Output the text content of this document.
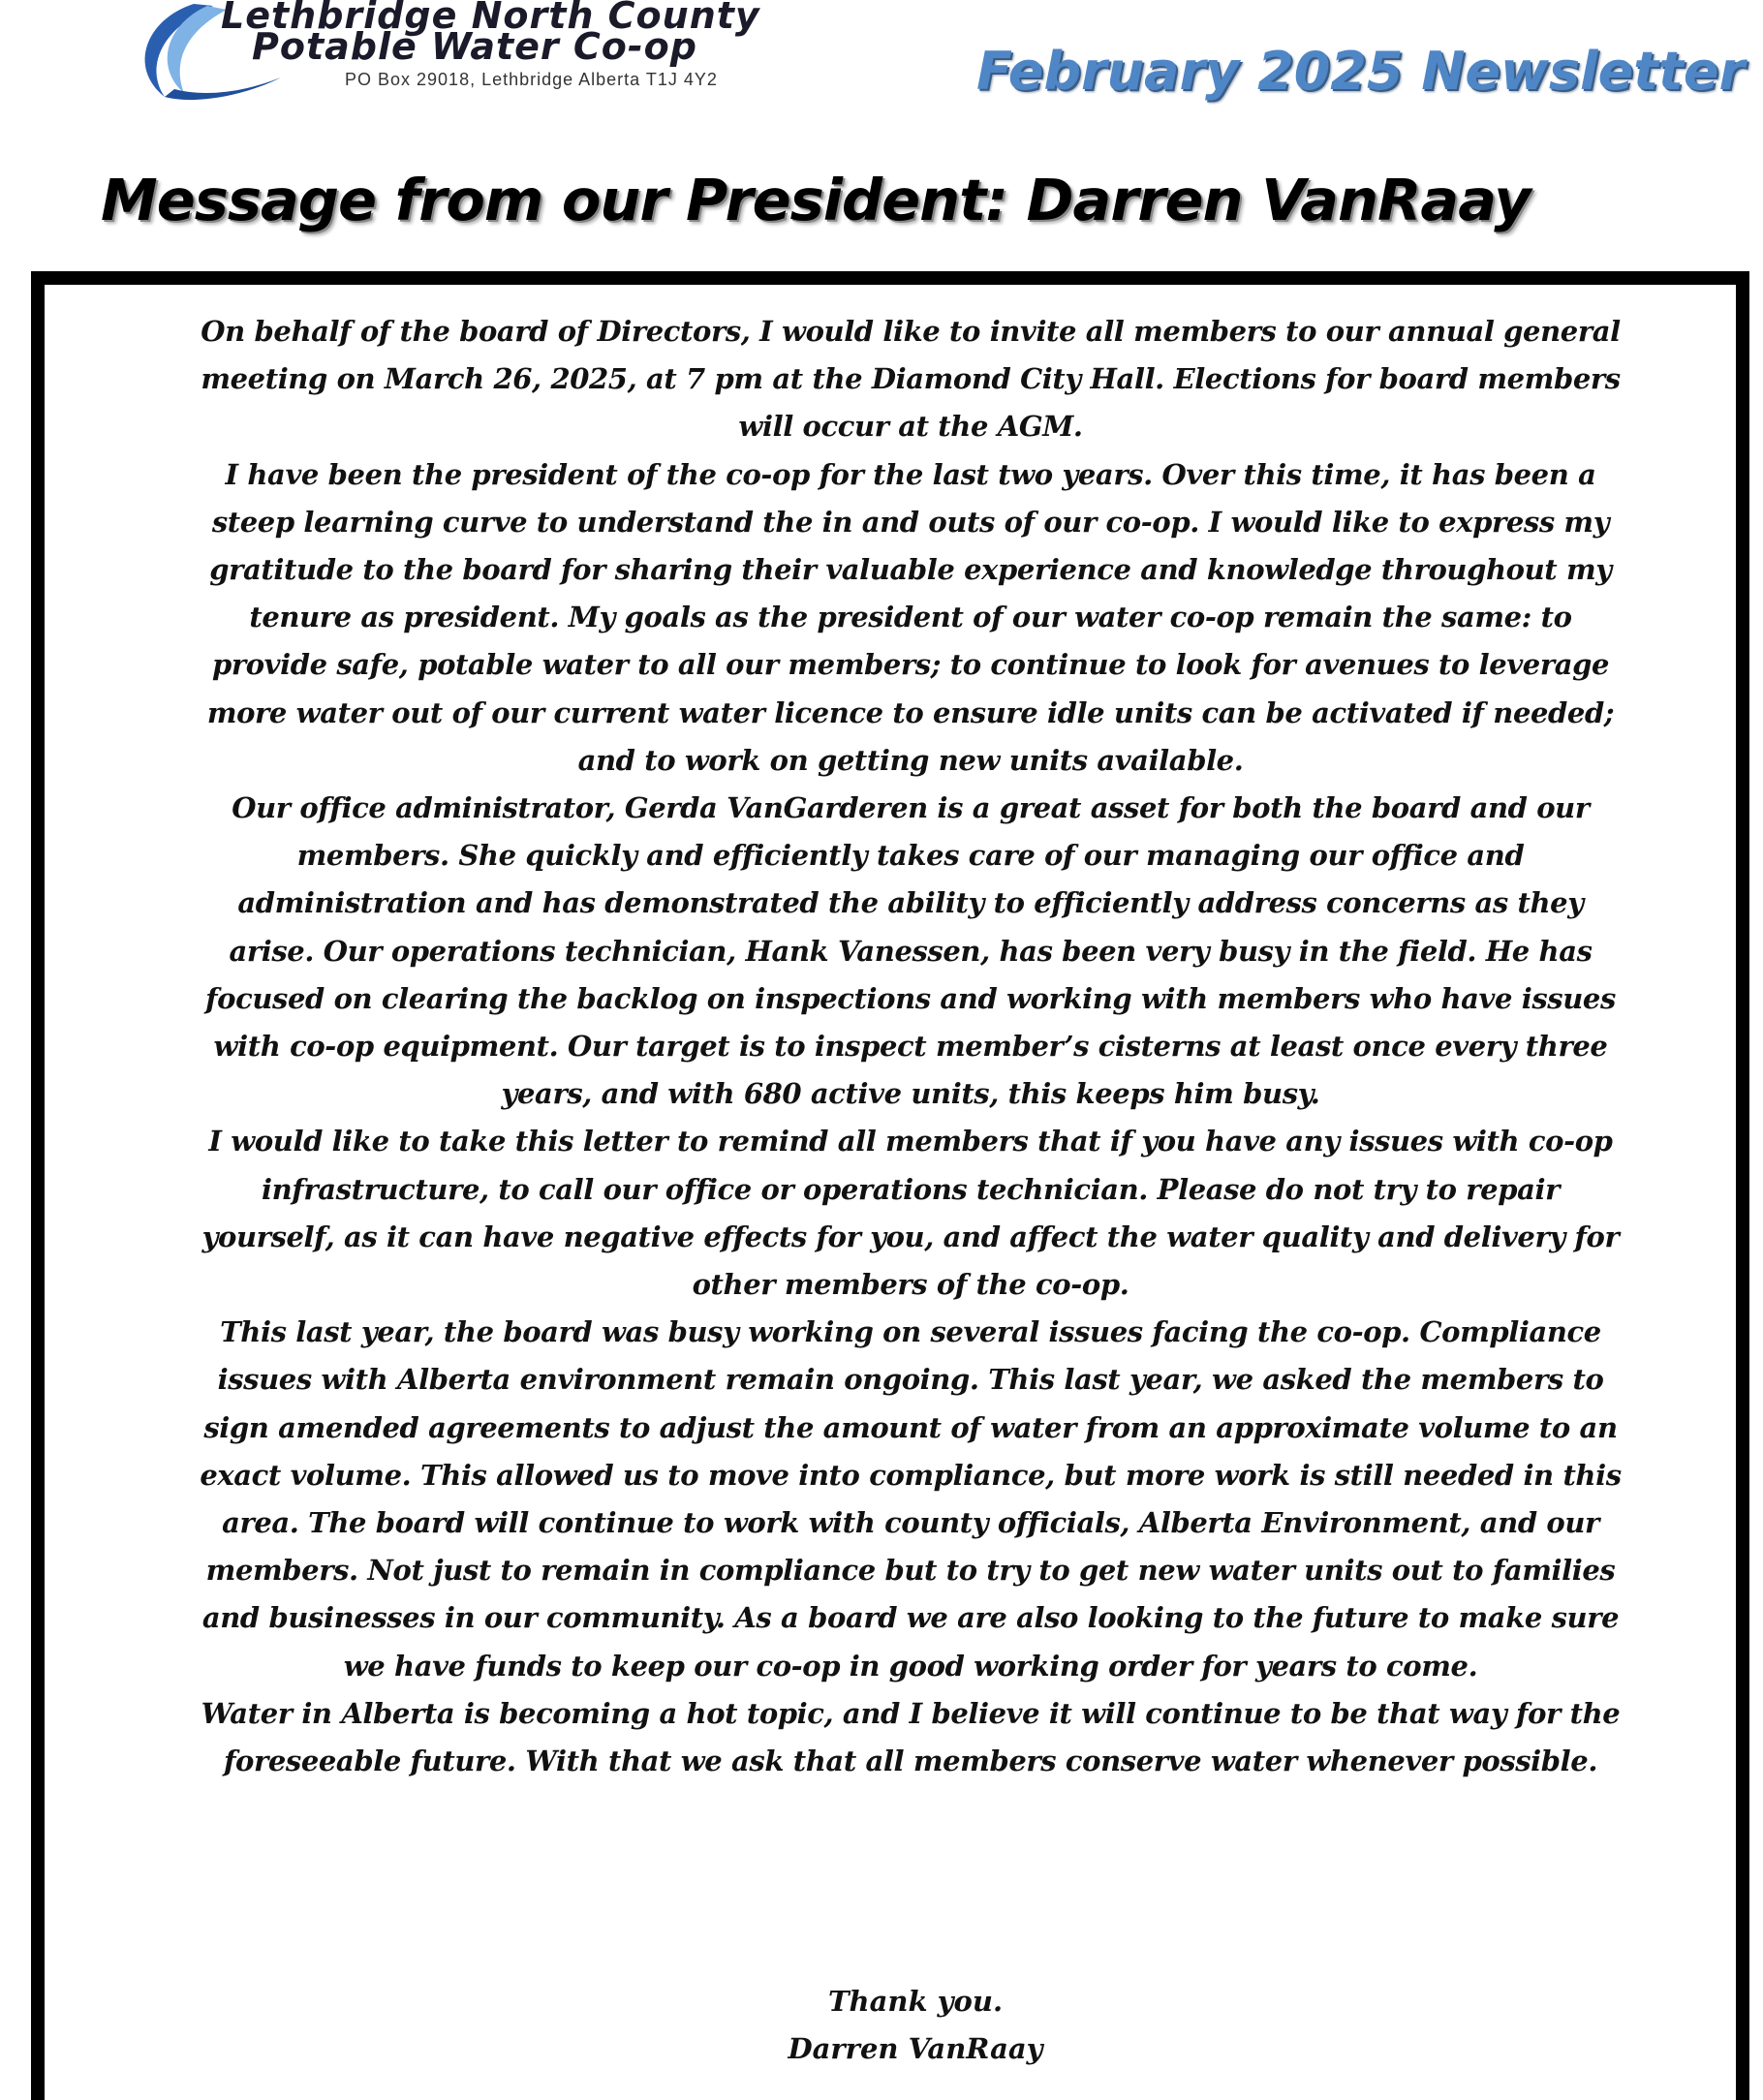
Lethbridge North County
Potable Water Co-op
PO Box 29018, Lethbridge Alberta T1J 4Y2	February 2025 Newsletter
Message from our President: Darren VanRaay

On behalf of the board of Directors, I would like to invite all members to our annual general meeting on March 26, 2025, at 7 pm at the Diamond City Hall. Elections for board members will occur at the AGM.

I have been the president of the co-op for the last two years. Over this time, it has been a steep learning curve to understand the in and outs of our co-op. I would like to express my gratitude to the board for sharing their valuable experience and knowledge throughout my tenure as president. My goals as the president of our water co-op remain the same: to provide safe, potable water to all our members; to continue to look for avenues to leverage more water out of our current water licence to ensure idle units can be activated if needed; and to work on getting new units available.

Our office administrator, Gerda VanGarderen is a great asset for both the board and our members. She quickly and efficiently takes care of our managing our office and administration and has demonstrated the ability to efficiently address concerns as they arise. Our operations technician, Hank Vanessen, has been very busy in the field. He has focused on clearing the backlog on inspections and working with members who have issues with co-op equipment. Our target is to inspect member’s cisterns at least once every three years, and with 680 active units, this keeps him busy.

I would like to take this letter to remind all members that if you have any issues with co-op infrastructure, to call our office or operations technician. Please do not try to repair yourself, as it can have negative effects for you, and affect the water quality and delivery for other members of the co-op.

This last year, the board was busy working on several issues facing the co-op. Compliance issues with Alberta environment remain ongoing. This last year, we asked the members to sign amended agreements to adjust the amount of water from an approximate volume to an exact volume. This allowed us to move into compliance, but more work is still needed in this area. The board will continue to work with county officials, Alberta Environment, and our members. Not just to remain in compliance but to try to get new water units out to families and businesses in our community. As a board we are also looking to the future to make sure we have funds to keep our co-op in good working order for years to come.

Water in Alberta is becoming a hot topic, and I believe it will continue to be that way for the foreseeable future. With that we ask that all members conserve water whenever possible.

Thank you.
Darren VanRaay
